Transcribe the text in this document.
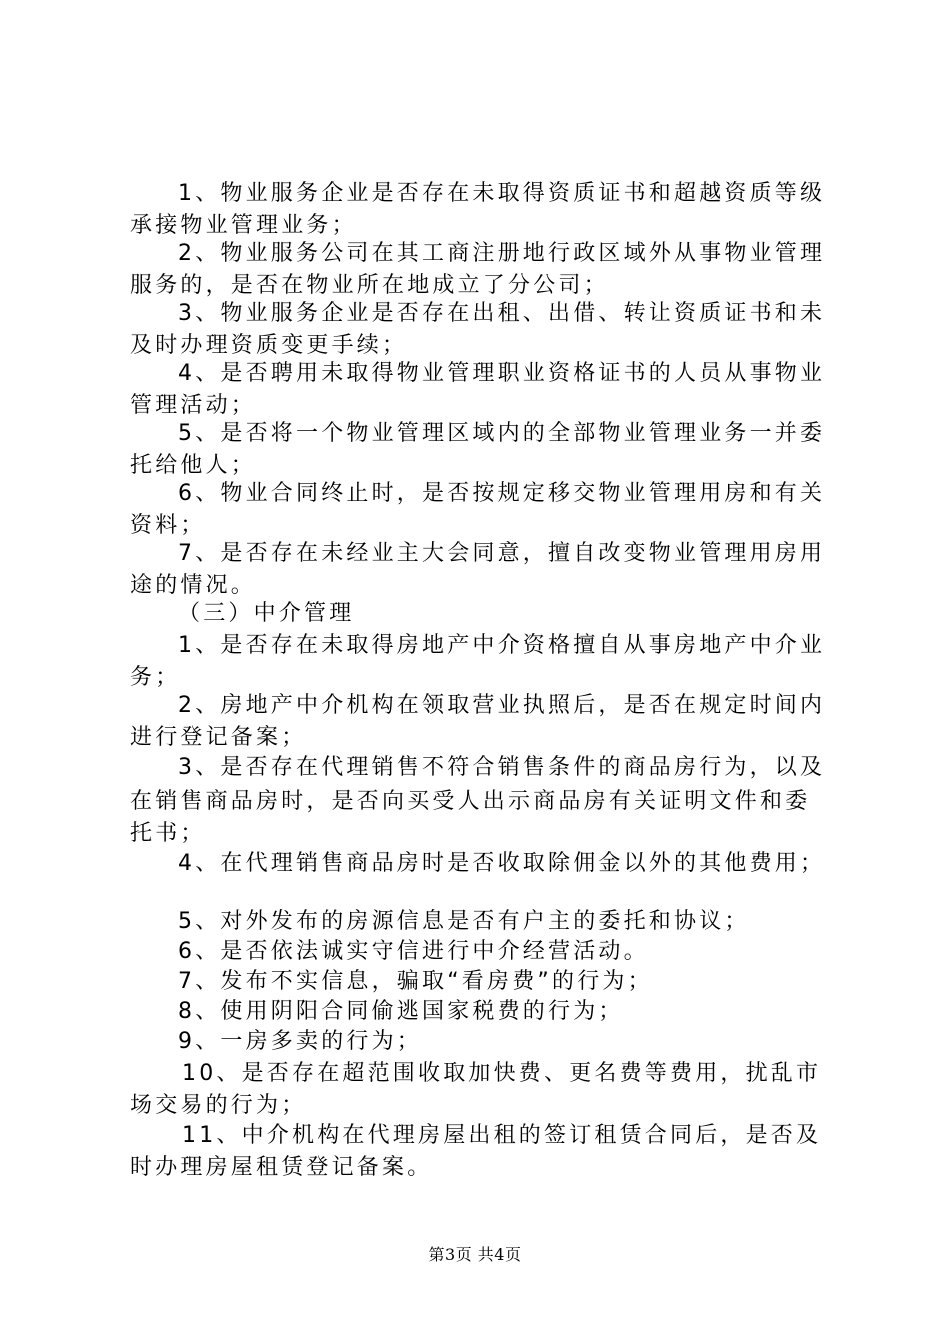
1、物业服务企业是否存在未取得资质证书和超越资质等级
承接物业管理业务；
2、物业服务公司在其工商注册地行政区域外从事物业管理
服务的，是否在物业所在地成立了分公司；
3、物业服务企业是否存在出租、出借、转让资质证书和未
及时办理资质变更手续；
4、是否聘用未取得物业管理职业资格证书的人员从事物业
管理活动；
5、是否将一个物业管理区域内的全部物业管理业务一并委
托给他人；
6、物业合同终止时，是否按规定移交物业管理用房和有关
资料；
7、是否存在未经业主大会同意，擅自改变物业管理用房用
途的情况。
（三）中介管理
1、是否存在未取得房地产中介资格擅自从事房地产中介业
务；
2、房地产中介机构在领取营业执照后，是否在规定时间内
进行登记备案；
3、是否存在代理销售不符合销售条件的商品房行为，以及
在销售商品房时，是否向买受人出示商品房有关证明文件和委
托书；
4、在代理销售商品房时是否收取除佣金以外的其他费用；
5、对外发布的房源信息是否有户主的委托和协议；
6、是否依法诚实守信进行中介经营活动。
7、发布不实信息，骗取“看房费”的行为；
8、使用阴阳合同偷逃国家税费的行为；
9、一房多卖的行为；
10、是否存在超范围收取加快费、更名费等费用，扰乱市
场交易的行为；
11、中介机构在代理房屋出租的签订租赁合同后，是否及
时办理房屋租赁登记备案。
第3页 共4页
